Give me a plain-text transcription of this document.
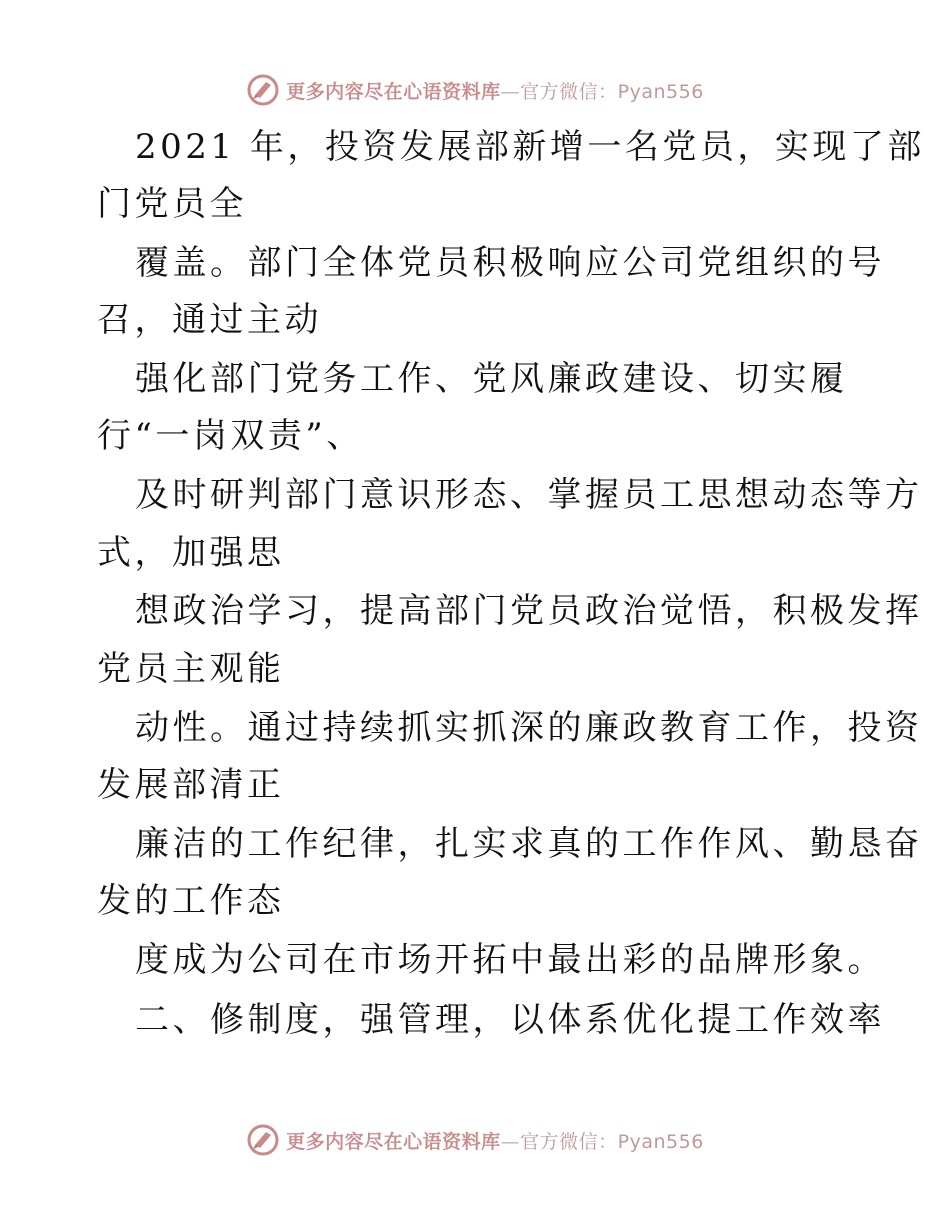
更多内容尽在心语资料库—官方微信：Pyan556
2021 年，投资发展部新增一名党员，实现了部
门党员全
覆盖。部门全体党员积极响应公司党组织的号
召，通过主动
强化部门党务工作、党风廉政建设、切实履
行“一岗双责”、
及时研判部门意识形态、掌握员工思想动态等方
式，加强思
想政治学习，提高部门党员政治觉悟，积极发挥
党员主观能
动性。通过持续抓实抓深的廉政教育工作，投资
发展部清正
廉洁的工作纪律，扎实求真的工作作风、勤恳奋
发的工作态
度成为公司在市场开拓中最出彩的品牌形象。
二、修制度，强管理，以体系优化提工作效率
更多内容尽在心语资料库—官方微信：Pyan556
